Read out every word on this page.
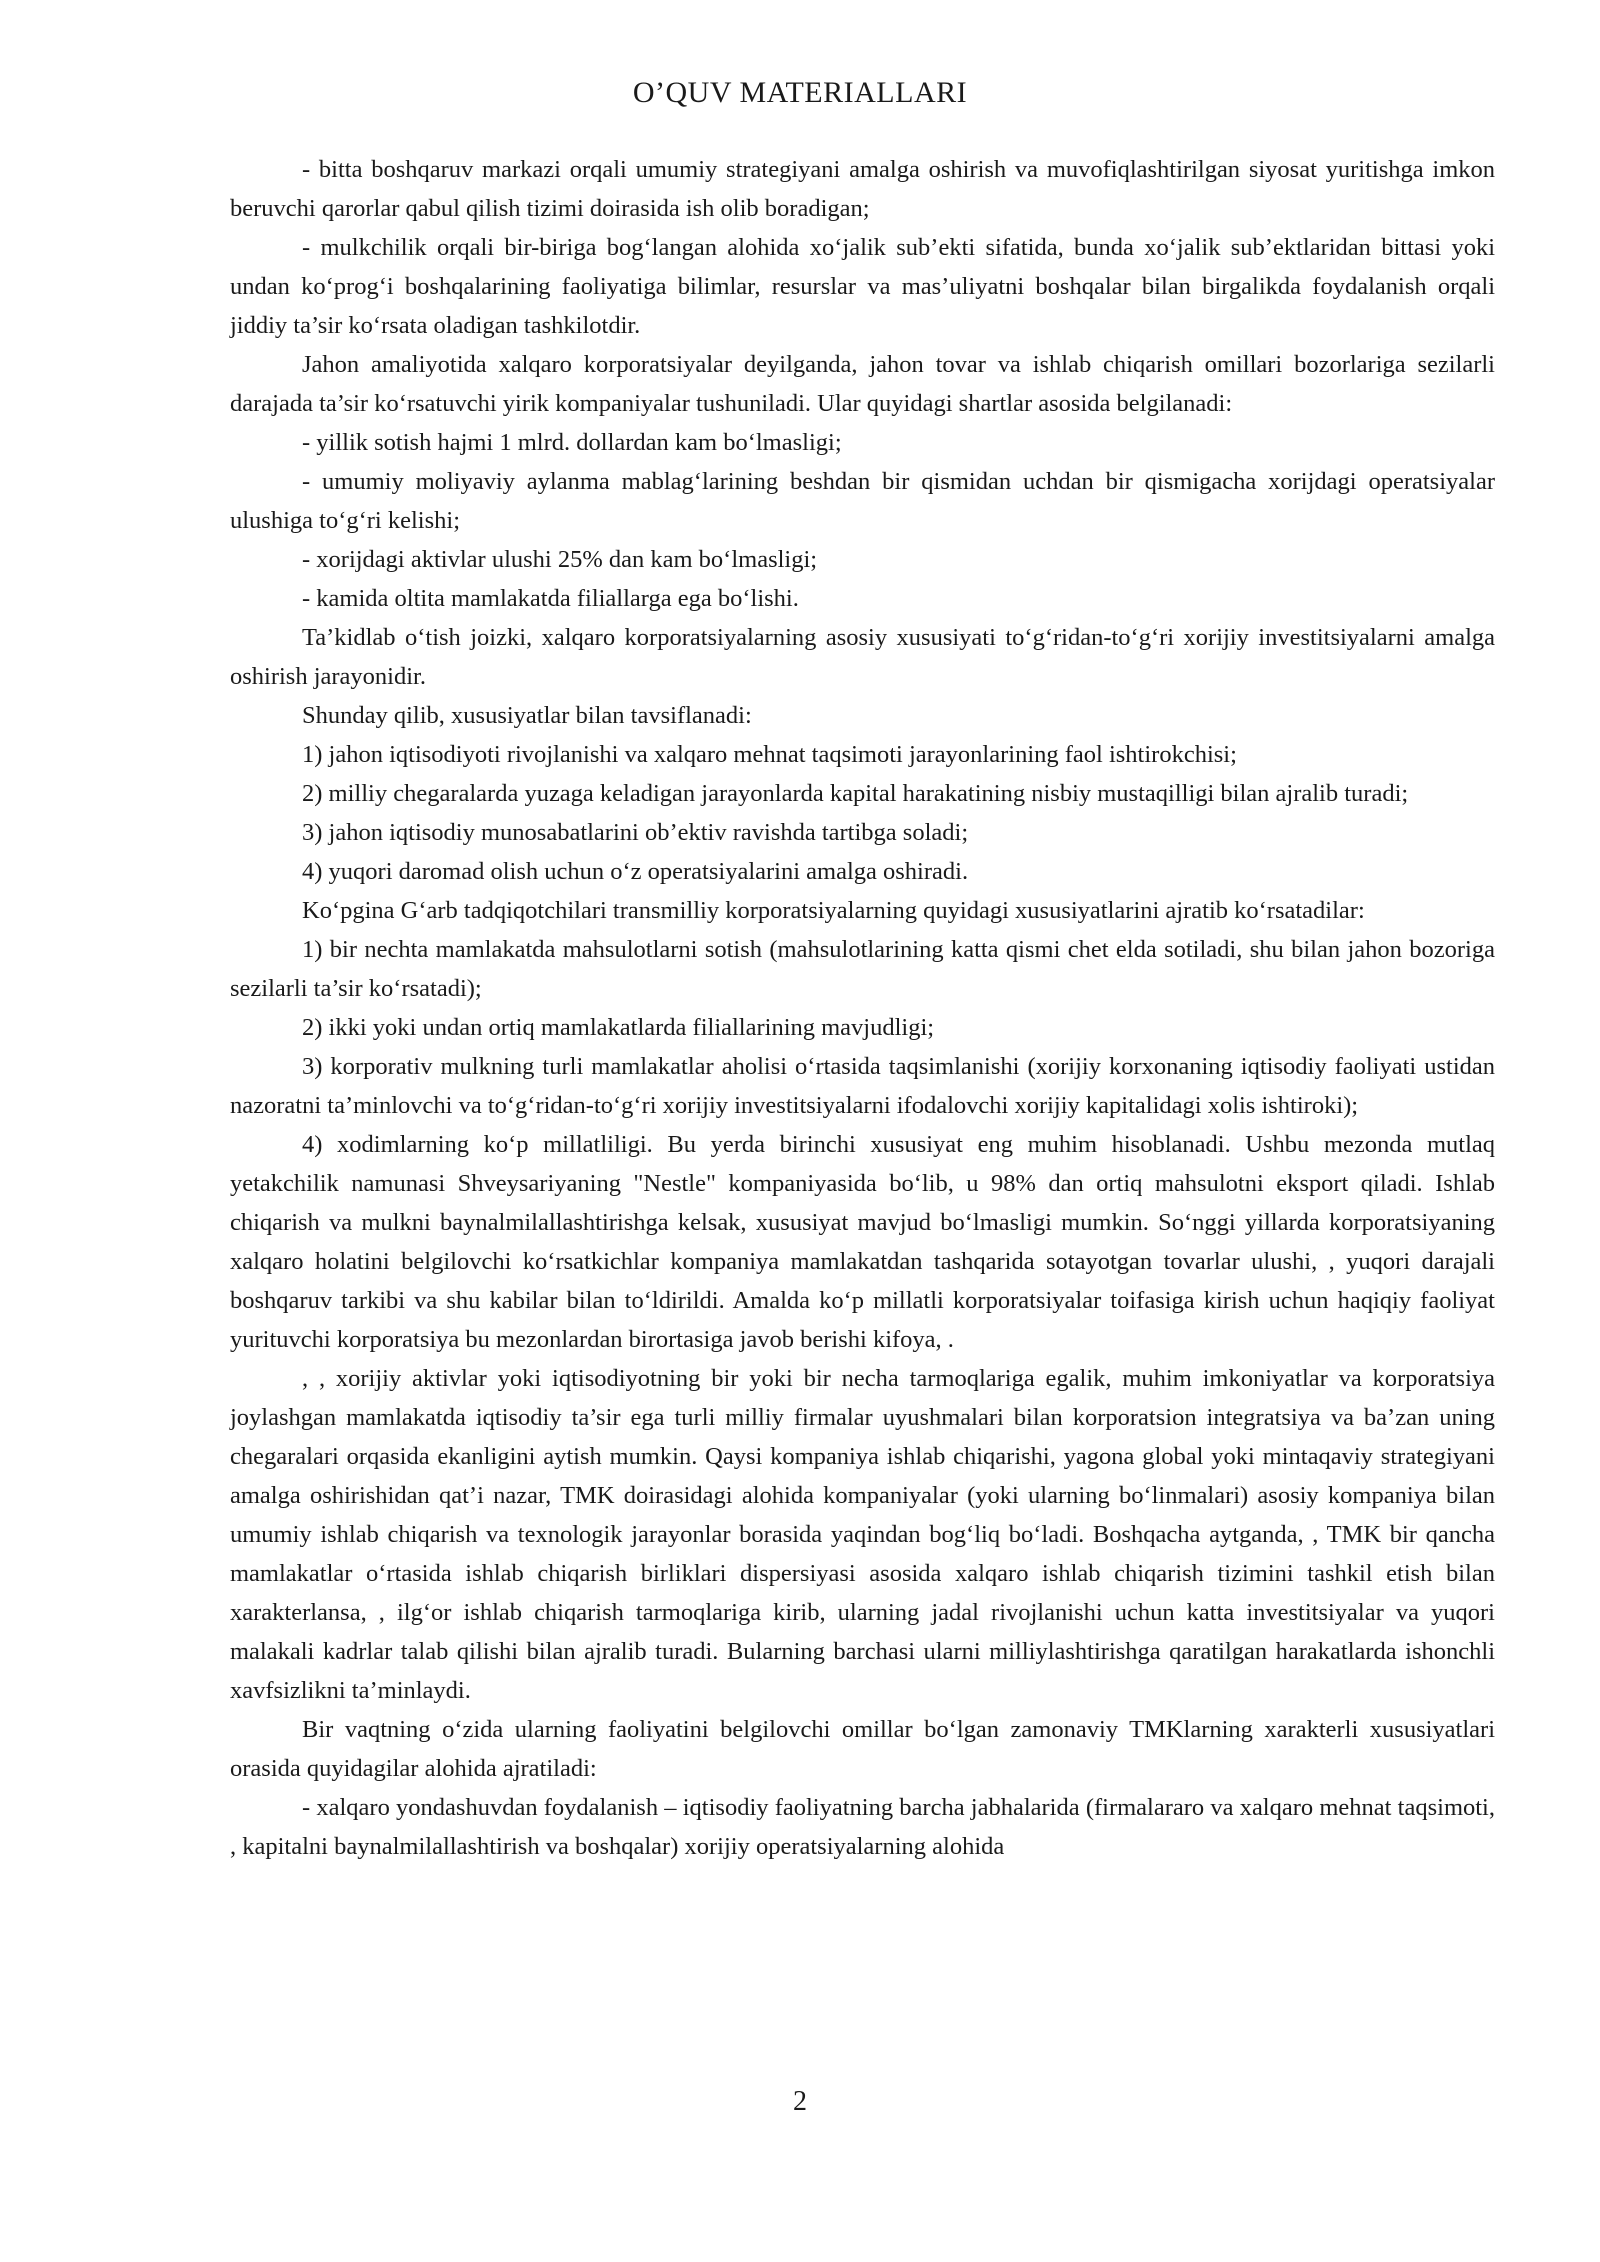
O’QUV MATERIALLARI

- bitta boshqaruv markazi orqali umumiy strategiyani amalga oshirish va muvofiqlashtirilgan siyosat yuritishga imkon beruvchi qarorlar qabul qilish tizimi doirasida ish olib boradigan;

- mulkchilik orqali bir-biriga bog‘langan alohida xo‘jalik sub’ekti sifatida, bunda xo‘jalik sub’ektlaridan bittasi yoki undan ko‘prog‘i boshqalarining faoliyatiga bilimlar, resurslar va mas’uliyatni boshqalar bilan birgalikda foydalanish orqali jiddiy ta’sir ko‘rsata oladigan tashkilotdir.

Jahon amaliyotida xalqaro korporatsiyalar deyilganda, jahon tovar va ishlab chiqarish omillari bozorlariga sezilarli darajada ta’sir ko‘rsatuvchi yirik kompaniyalar tushuniladi. Ular quyidagi shartlar asosida belgilanadi:

- yillik sotish hajmi 1 mlrd. dollardan kam bo‘lmasligi;

- umumiy moliyaviy aylanma mablag‘larining beshdan bir qismidan uchdan bir qismigacha xorijdagi operatsiyalar ulushiga to‘g‘ri kelishi;

- xorijdagi aktivlar ulushi 25% dan kam bo‘lmasligi;

- kamida oltita mamlakatda filiallarga ega bo‘lishi.

Ta’kidlab o‘tish joizki, xalqaro korporatsiyalarning asosiy xususiyati to‘g‘ridan-to‘g‘ri xorijiy investitsiyalarni amalga oshirish jarayonidir.

Shunday qilib, xususiyatlar bilan tavsiflanadi:

1) jahon iqtisodiyoti rivojlanishi va xalqaro mehnat taqsimoti jarayonlarining faol ishtirokchisi;

2) milliy chegaralarda yuzaga keladigan jarayonlarda kapital harakatining nisbiy mustaqilligi bilan ajralib turadi;

3) jahon iqtisodiy munosabatlarini ob’ektiv ravishda tartibga soladi;

4) yuqori daromad olish uchun o‘z operatsiyalarini amalga oshiradi.

Ko‘pgina G‘arb tadqiqotchilari transmilliy korporatsiyalarning quyidagi xususiyatlarini ajratib ko‘rsatadilar:

1) bir nechta mamlakatda mahsulotlarni sotish (mahsulotlarining katta qismi chet elda sotiladi, shu bilan jahon bozoriga sezilarli ta’sir ko‘rsatadi);

2) ikki yoki undan ortiq mamlakatlarda filiallarining mavjudligi;

3) korporativ mulkning turli mamlakatlar aholisi o‘rtasida taqsimlanishi (xorijiy korxonaning iqtisodiy faoliyati ustidan nazoratni ta’minlovchi va to‘g‘ridan-to‘g‘ri xorijiy investitsiyalarni ifodalovchi xorijiy kapitalidagi xolis ishtiroki);

4) xodimlarning ko‘p millatliligi. Bu yerda birinchi xususiyat eng muhim hisoblanadi. Ushbu mezonda mutlaq yetakchilik namunasi Shveysariyaning "Nestle" kompaniyasida bo‘lib, u 98% dan ortiq mahsulotni eksport qiladi. Ishlab chiqarish va mulkni baynalmilallashtirishga kelsak, xususiyat mavjud bo‘lmasligi mumkin. So‘nggi yillarda korporatsiyaning xalqaro holatini belgilovchi ko‘rsatkichlar kompaniya mamlakatdan tashqarida sotayotgan tovarlar ulushi, , yuqori darajali boshqaruv tarkibi va shu kabilar bilan to‘ldirildi. Amalda ko‘p millatli korporatsiyalar toifasiga kirish uchun haqiqiy faoliyat yurituvchi korporatsiya bu mezonlardan birortasiga javob berishi kifoya, .

, , xorijiy aktivlar yoki iqtisodiyotning bir yoki bir necha tarmoqlariga egalik, muhim imkoniyatlar va korporatsiya joylashgan mamlakatda iqtisodiy ta’sir ega turli milliy firmalar uyushmalari bilan korporatsion integratsiya va ba’zan uning chegaralari orqasida ekanligini aytish mumkin. Qaysi kompaniya ishlab chiqarishi, yagona global yoki mintaqaviy strategiyani amalga oshirishidan qat’i nazar, TMK doirasidagi alohida kompaniyalar (yoki ularning bo‘linmalari) asosiy kompaniya bilan umumiy ishlab chiqarish va texnologik jarayonlar borasida yaqindan bog‘liq bo‘ladi. Boshqacha aytganda, , TMK bir qancha mamlakatlar o‘rtasida ishlab chiqarish birliklari dispersiyasi asosida xalqaro ishlab chiqarish tizimini tashkil etish bilan xarakterlansa, , ilg‘or ishlab chiqarish tarmoqlariga kirib, ularning jadal rivojlanishi uchun katta investitsiyalar va yuqori malakali kadrlar talab qilishi bilan ajralib turadi. Bularning barchasi ularni milliylashtirishga qaratilgan harakatlarda ishonchli xavfsizlikni ta’minlaydi.

Bir vaqtning o‘zida ularning faoliyatini belgilovchi omillar bo‘lgan zamonaviy TMKlarning xarakterli xususiyatlari orasida quyidagilar alohida ajratiladi:

- xalqaro yondashuvdan foydalanish – iqtisodiy faoliyatning barcha jabhalarida (firmalararo va xalqaro mehnat taqsimoti, , kapitalni baynalmilallashtirish va boshqalar) xorijiy operatsiyalarning alohida

2
